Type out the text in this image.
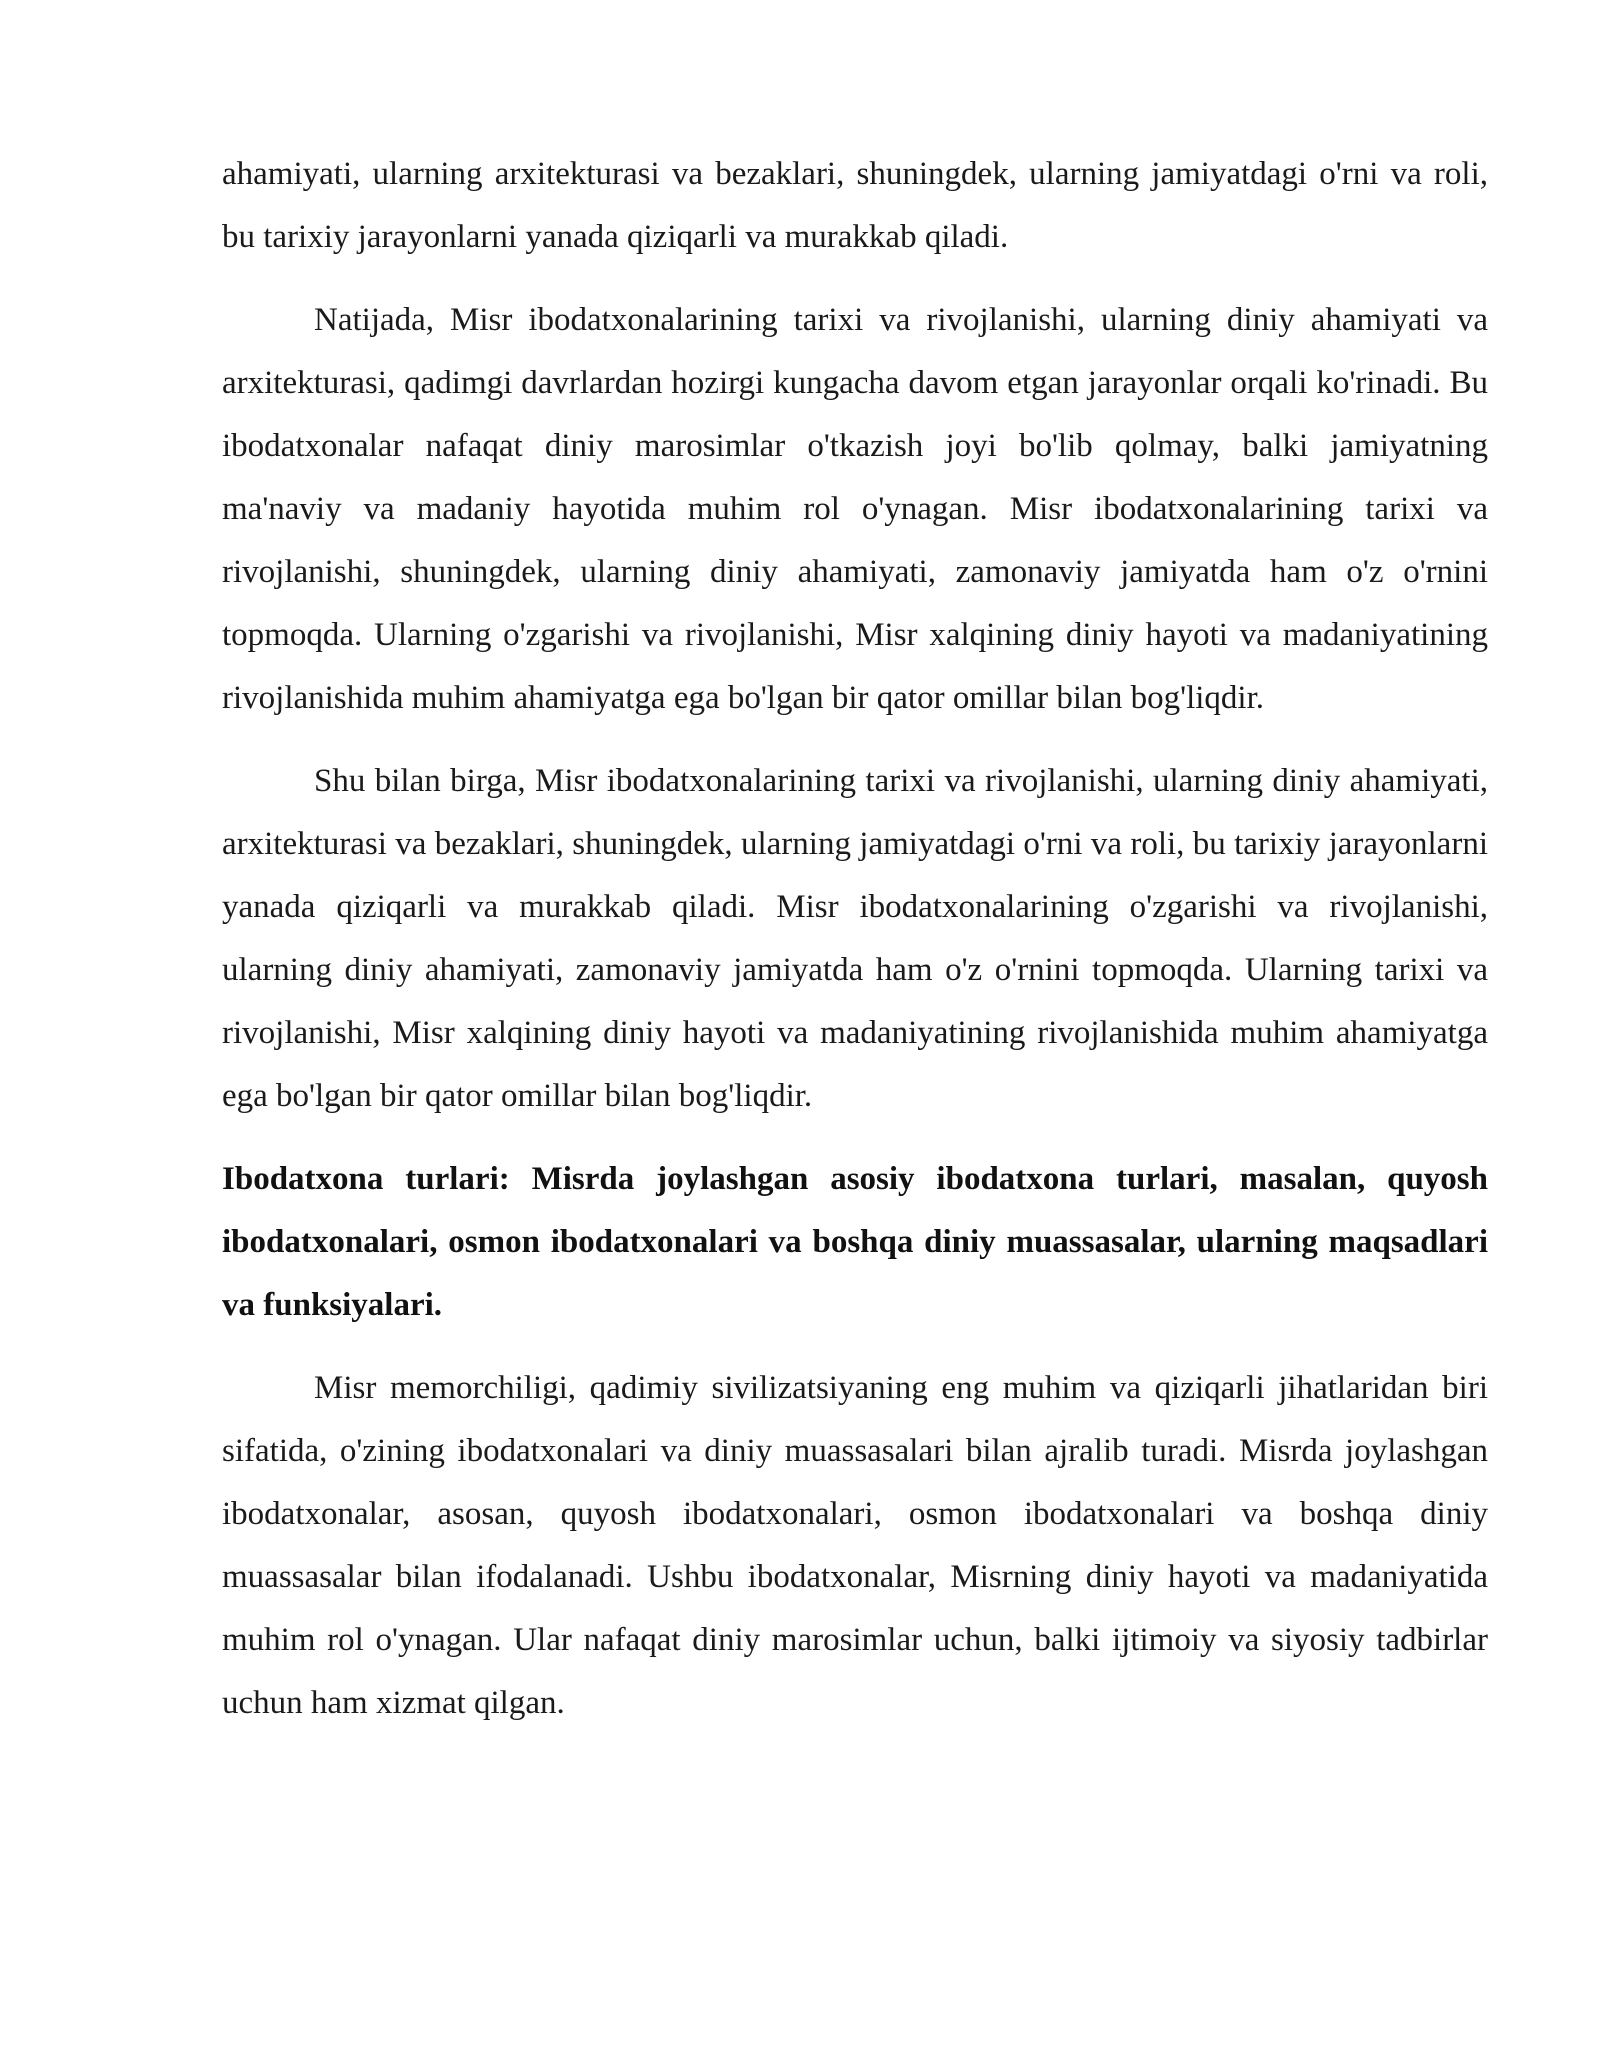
ahamiyati, ularning arxitekturasi va bezaklari, shuningdek, ularning jamiyatdagi o'rni va roli, bu tarixiy jarayonlarni yanada qiziqarli va murakkab qiladi.

Natijada, Misr ibodatxonalarining tarixi va rivojlanishi, ularning diniy ahamiyati va arxitekturasi, qadimgi davrlardan hozirgi kungacha davom etgan jarayonlar orqali ko'rinadi. Bu ibodatxonalar nafaqat diniy marosimlar o'tkazish joyi bo'lib qolmay, balki jamiyatning ma'naviy va madaniy hayotida muhim rol o'ynagan. Misr ibodatxonalarining tarixi va rivojlanishi, shuningdek, ularning diniy ahamiyati, zamonaviy jamiyatda ham o'z o'rnini topmoqda. Ularning o'zgarishi va rivojlanishi, Misr xalqining diniy hayoti va madaniyatining rivojlanishida muhim ahamiyatga ega bo'lgan bir qator omillar bilan bog'liqdir.

Shu bilan birga, Misr ibodatxonalarining tarixi va rivojlanishi, ularning diniy ahamiyati, arxitekturasi va bezaklari, shuningdek, ularning jamiyatdagi o'rni va roli, bu tarixiy jarayonlarni yanada qiziqarli va murakkab qiladi. Misr ibodatxonalarining o'zgarishi va rivojlanishi, ularning diniy ahamiyati, zamonaviy jamiyatda ham o'z o'rnini topmoqda. Ularning tarixi va rivojlanishi, Misr xalqining diniy hayoti va madaniyatining rivojlanishida muhim ahamiyatga ega bo'lgan bir qator omillar bilan bog'liqdir.

Ibodatxona turlari: Misrda joylashgan asosiy ibodatxona turlari, masalan, quyosh ibodatxonalari, osmon ibodatxonalari va boshqa diniy muassasalar, ularning maqsadlari va funksiyalari.

Misr memorchiligi, qadimiy sivilizatsiyaning eng muhim va qiziqarli jihatlaridan biri sifatida, o'zining ibodatxonalari va diniy muassasalari bilan ajralib turadi. Misrda joylashgan ibodatxonalar, asosan, quyosh ibodatxonalari, osmon ibodatxonalari va boshqa diniy muassasalar bilan ifodalanadi. Ushbu ibodatxonalar, Misrning diniy hayoti va madaniyatida muhim rol o'ynagan. Ular nafaqat diniy marosimlar uchun, balki ijtimoiy va siyosiy tadbirlar uchun ham xizmat qilgan.
